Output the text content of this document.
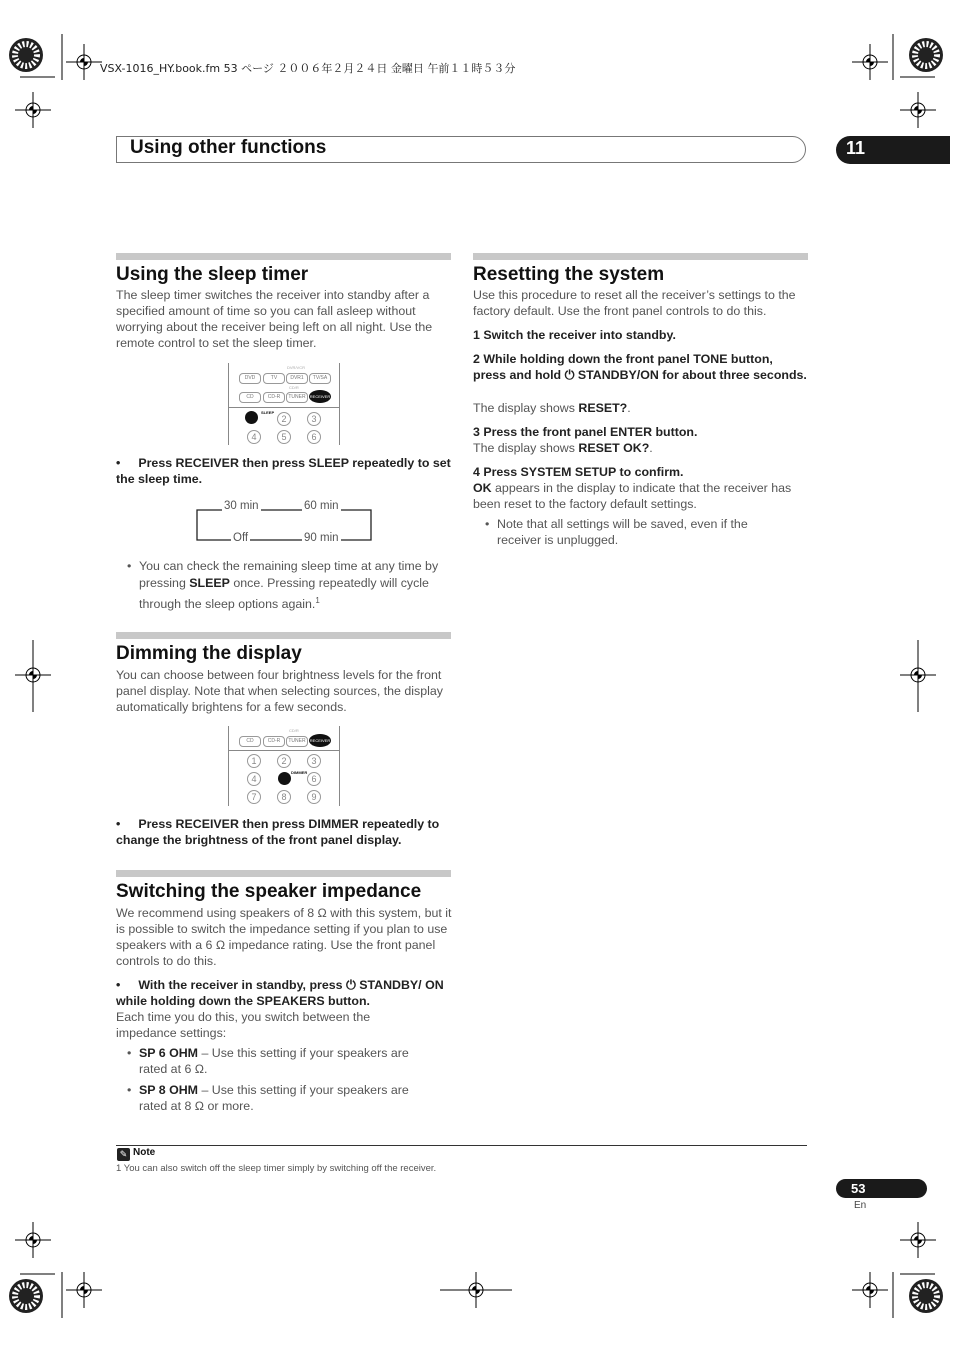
VSX-1016_HY.book.fm 53 ページ ２００６年２月２４日 金曜日 午前１１時５３分
Using other functions	11
Using the sleep timer
The sleep timer switches the receiver into standby after a specified amount of time so you can fall asleep without worrying about the receiver being left on all night. Use the remote control to set the sleep timer.
DVR/VCR
DVD	TV	DVR1	TV/SA
CD/R
CD	CD-R	TUNER	RECEIVER
SLEEP
2	3
4	5	6
• Press RECEIVER then press SLEEP repeatedly to set the sleep time.
30 min	60 min
90 min
Off
• You can check the remaining sleep time at any time by pressing SLEEP once. Pressing repeatedly will cycle through the sleep options again.$^1$
Dimming the display
You can choose between four brightness levels for the front panel display. Note that when selecting sources, the display automatically brightens for a few seconds.
CD/R
CD	CD-R	TUNER	RECEIVER
1	2	3
4
DIMMER
6
7	8	9
• Press RECEIVER then press DIMMER repeatedly to change the brightness of the front panel display.
Switching the speaker impedance
We recommend using speakers of 8 Ω with this system, but it is possible to switch the impedance setting if you plan to use speakers with a 6 Ω impedance rating. Use the front panel controls to do this.
• With the receiver in standby, press ⏻ STANDBY/ ON while holding down the SPEAKERS button.
Each time you do this, you switch between the impedance settings:
• SP 6 OHM – Use this setting if your speakers are rated at 6 Ω.
• SP 8 OHM – Use this setting if your speakers are rated at 8 Ω or more.
Resetting the system
Use this procedure to reset all the receiver’s settings to the factory default. Use the front panel controls to do this.
1 Switch the receiver into standby.
2 While holding down the front panel TONE button, press and hold ⏻ STANDBY/ON for about three seconds.
The display shows RESET?.
3 Press the front panel ENTER button.
The display shows RESET OK?.
4 Press SYSTEM SETUP to confirm.
OK appears in the display to indicate that the receiver has been reset to the factory default settings.
• Note that all settings will be saved, even if the receiver is unplugged.
✎ Note
1 You can also switch off the sleep timer simply by switching off the receiver.
53
En
